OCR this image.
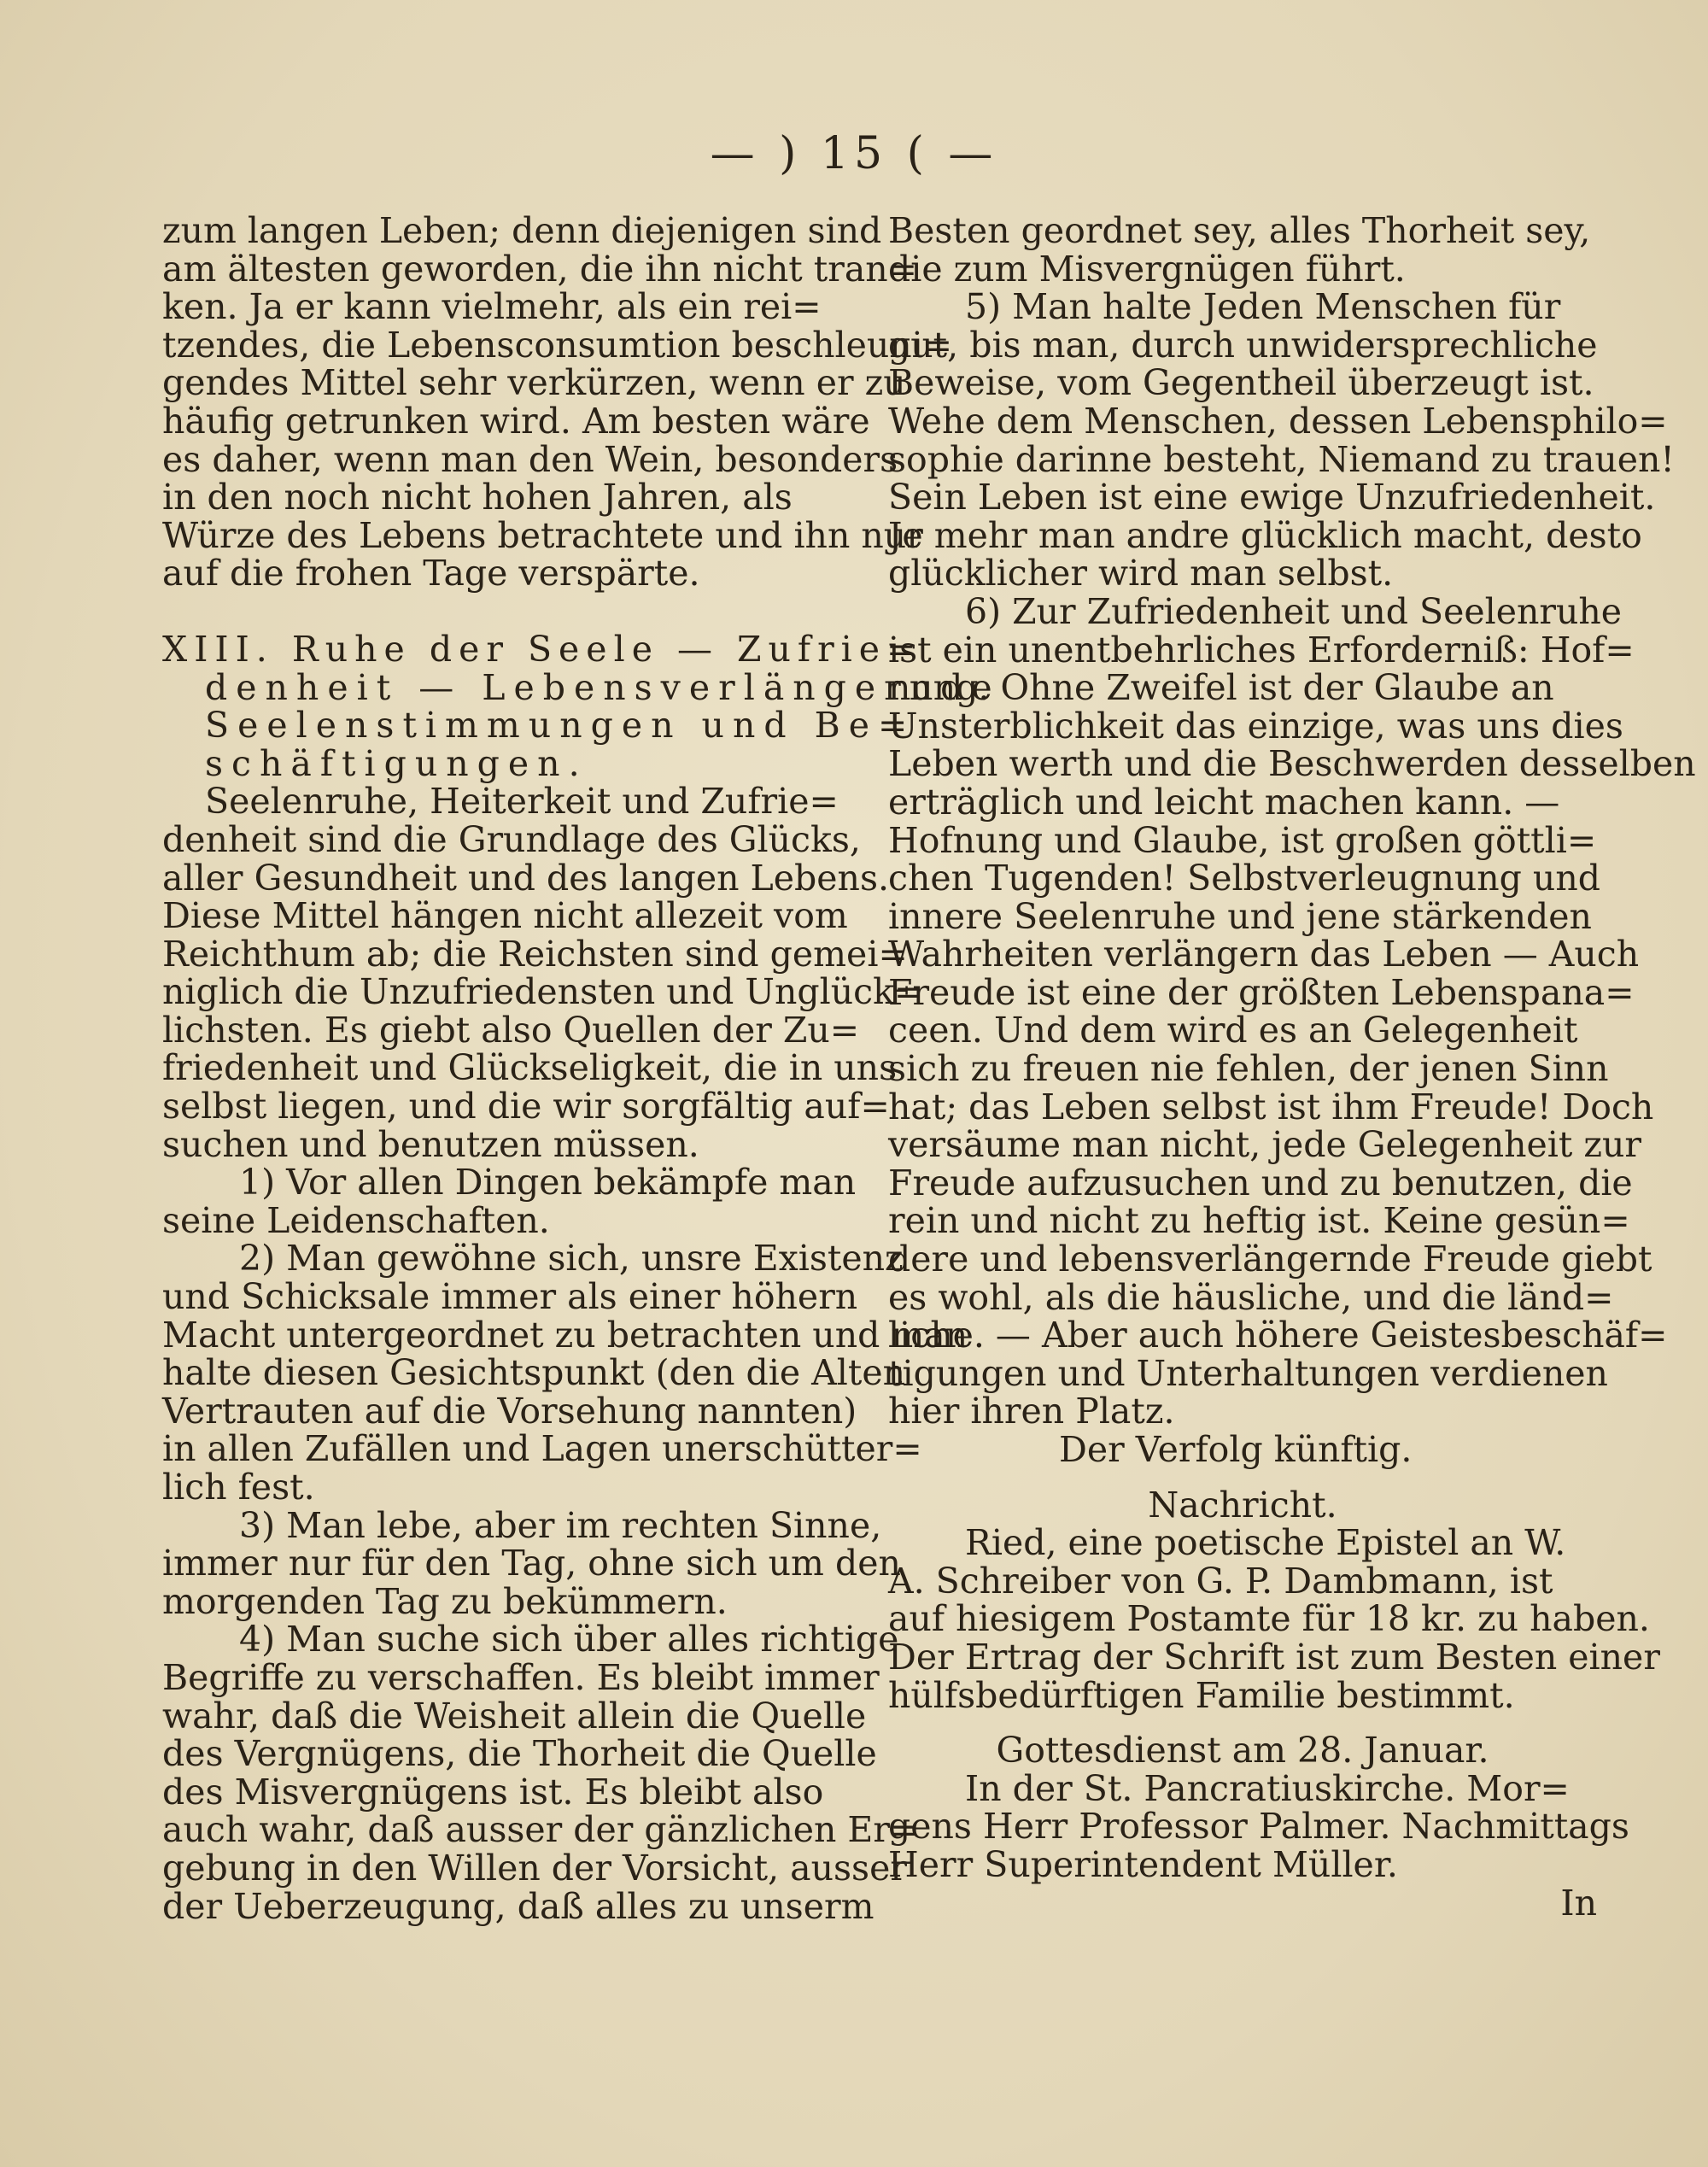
— ) 15 ( —
zum langen Leben; denn diejenigen sind
am ältesten geworden, die ihn nicht tran=
ken. Ja er kann vielmehr, als ein rei=
tzendes, die Lebensconsumtion beschleuni=
gendes Mittel sehr verkürzen, wenn er zu
häufig getrunken wird. Am besten wäre
es daher, wenn man den Wein, besonders
in den noch nicht hohen Jahren, als
Würze des Lebens betrachtete und ihn nur
auf die frohen Tage verspärte.
XIII. Ruhe der Seele — Zufrie=
denheit — Lebensverlängernde
Seelenstimmungen und Be=
schäftigungen.
Seelenruhe, Heiterkeit und Zufrie=
denheit sind die Grundlage des Glücks,
aller Gesundheit und des langen Lebens.
Diese Mittel hängen nicht allezeit vom
Reichthum ab; die Reichsten sind gemei=
niglich die Unzufriedensten und Unglück=
lichsten. Es giebt also Quellen der Zu=
friedenheit und Glückseligkeit, die in uns
selbst liegen, und die wir sorgfältig auf=
suchen und benutzen müssen.
1) Vor allen Dingen bekämpfe man
seine Leidenschaften.
2) Man gewöhne sich, unsre Existenz
und Schicksale immer als einer höhern
Macht untergeordnet zu betrachten und man
halte diesen Gesichtspunkt (den die Alten
Vertrauten auf die Vorsehung nannten)
in allen Zufällen und Lagen unerschütter=
lich fest.
3) Man lebe, aber im rechten Sinne,
immer nur für den Tag, ohne sich um den
morgenden Tag zu bekümmern.
4) Man suche sich über alles richtige
Begriffe zu verschaffen. Es bleibt immer
wahr, daß die Weisheit allein die Quelle
des Vergnügens, die Thorheit die Quelle
des Misvergnügens ist. Es bleibt also
auch wahr, daß ausser der gänzlichen Er=
gebung in den Willen der Vorsicht, ausser
der Ueberzeugung, daß alles zu unserm
Besten geordnet sey, alles Thorheit sey,
die zum Misvergnügen führt.
5) Man halte Jeden Menschen für
gut, bis man, durch unwidersprechliche
Beweise, vom Gegentheil überzeugt ist.
Wehe dem Menschen, dessen Lebensphilo=
sophie darinne besteht, Niemand zu trauen!
Sein Leben ist eine ewige Unzufriedenheit.
Je mehr man andre glücklich macht, desto
glücklicher wird man selbst.
6) Zur Zufriedenheit und Seelenruhe
ist ein unentbehrliches Erforderniß: Hof=
nung. Ohne Zweifel ist der Glaube an
Unsterblichkeit das einzige, was uns dies
Leben werth und die Beschwerden desselben
erträglich und leicht machen kann. —
Hofnung und Glaube, ist großen göttli=
chen Tugenden! Selbstverleugnung und
innere Seelenruhe und jene stärkenden
Wahrheiten verlängern das Leben — Auch
Freude ist eine der größten Lebenspana=
ceen. Und dem wird es an Gelegenheit
sich zu freuen nie fehlen, der jenen Sinn
hat; das Leben selbst ist ihm Freude! Doch
versäume man nicht, jede Gelegenheit zur
Freude aufzusuchen und zu benutzen, die
rein und nicht zu heftig ist. Keine gesün=
dere und lebensverlängernde Freude giebt
es wohl, als die häusliche, und die länd=
liche. — Aber auch höhere Geistesbeschäf=
tigungen und Unterhaltungen verdienen
hier ihren Platz.
Der Verfolg künftig.
Nachricht.
Ried, eine poetische Epistel an W.
A. Schreiber von G. P. Dambmann, ist
auf hiesigem Postamte für 18 kr. zu haben.
Der Ertrag der Schrift ist zum Besten einer
hülfsbedürftigen Familie bestimmt.
Gottesdienst am 28. Januar.
In der St. Pancratiuskirche. Mor=
gens Herr Professor Palmer. Nachmittags
Herr Superintendent Müller.
In
